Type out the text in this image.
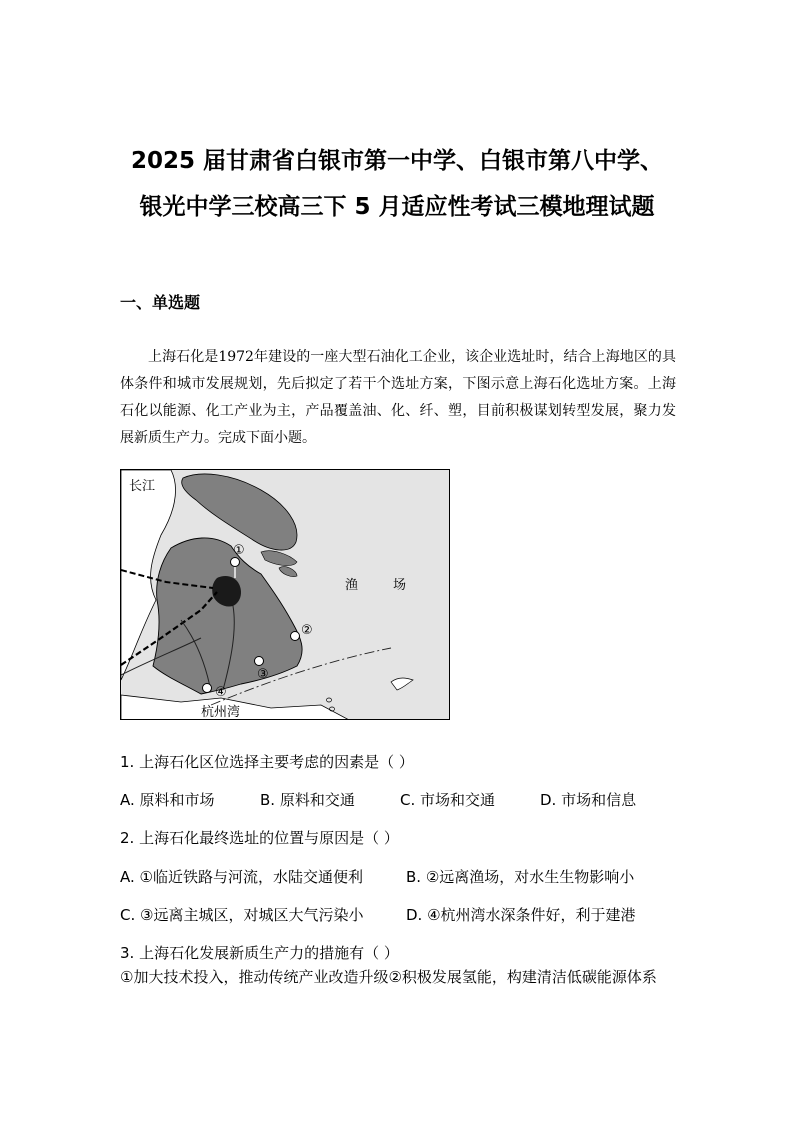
2025 届甘肃省白银市第一中学、白银市第八中学、
银光中学三校高三下 5 月适应性考试三模地理试题
一、单选题
上海石化是1972年建设的一座大型石油化工企业，该企业选址时，结合上海地区的具体条件和城市发展规划，先后拟定了若干个选址方案，下图示意上海石化选址方案。上海石化以能源、化工产业为主，产品覆盖油、化、纤、塑，目前积极谋划转型发展，聚力发展新质生产力。完成下面小题。
长江
渔	场
杭州湾
①
②
③
④
1. 上海石化区位选择主要考虑的因素是（ ）
A. 原料和市场	B. 原料和交通	C. 市场和交通	D. 市场和信息
2. 上海石化最终选址的位置与原因是（ ）
A. ①临近铁路与河流，水陆交通便利	B. ②远离渔场，对水生生物影响小
C. ③远离主城区，对城区大气污染小	D. ④杭州湾水深条件好，利于建港
3. 上海石化发展新质生产力的措施有（ ）
①加大技术投入，推动传统产业改造升级②积极发展氢能，构建清洁低碳能源体系
